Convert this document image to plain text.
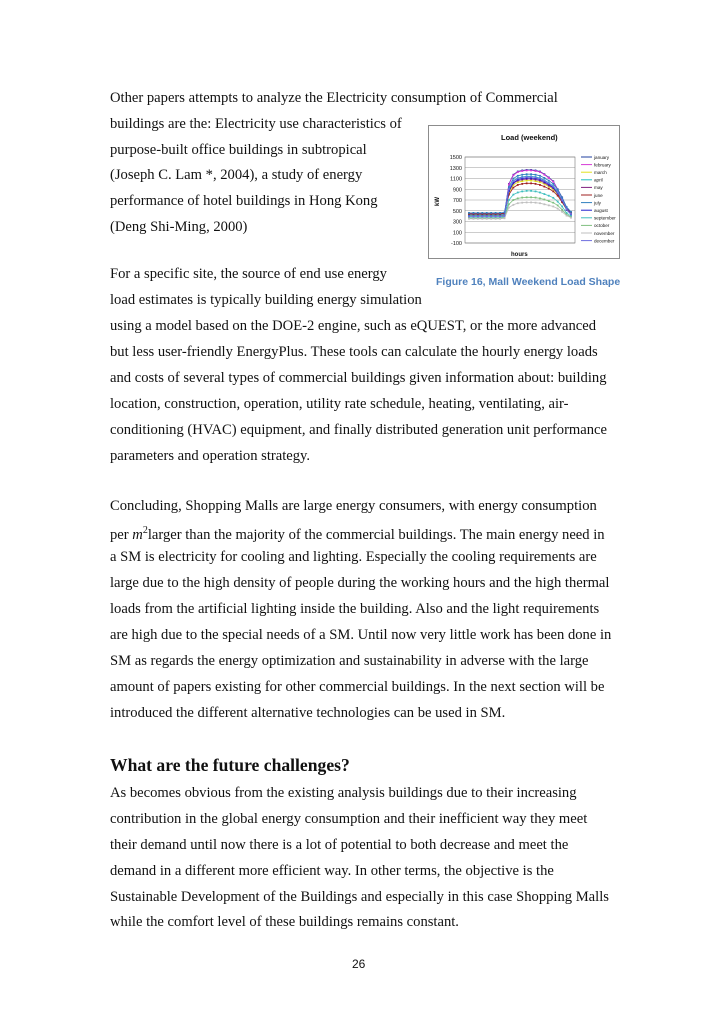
Other papers attempts to analyze the Electricity consumption of Commercial
buildings are the: Electricity use characteristics of
purpose-built office buildings in subtropical
(Joseph C. Lam *, 2004), a study of energy
performance of hotel buildings in Hong Kong
(Deng Shi-Ming, 2000)
Load (weekend)
hours
kW
1500
1300
1100
900
700
500
300
100
-100
january
february
march
april
may
june
july
august
september
october
november
december
Figure 16, Mall Weekend Load Shape
For a specific site, the source of end use energy
load estimates is typically building energy simulation
using a model based on the DOE-2 engine, such as eQUEST, or the more advanced
but less user-friendly EnergyPlus. These tools can calculate the hourly energy loads
and costs of several types of commercial buildings given information about: building
location, construction, operation, utility rate schedule, heating, ventilating, air-
conditioning (HVAC) equipment, and finally distributed generation unit performance
parameters and operation strategy.
Concluding, Shopping Malls are large energy consumers, with energy consumption
per $m^2larger$ than the majority of the commercial buildings. The main energy need in
a SM is electricity for cooling and lighting. Especially the cooling requirements are
large due to the high density of people during the working hours and the high thermal
loads from the artificial lighting inside the building. Also and the light requirements
are high due to the special needs of a SM. Until now very little work has been done in
SM as regards the energy optimization and sustainability in adverse with the large
amount of papers existing for other commercial buildings. In the next section will be
introduced the different alternative technologies can be used in SM.
What are the future challenges?
As becomes obvious from the existing analysis buildings due to their increasing
contribution in the global energy consumption and their inefficient way they meet
their demand until now there is a lot of potential to both decrease and meet the
demand in a different more efficient way. In other terms, the objective is the
Sustainable Development of the Buildings and especially in this case Shopping Malls
while the comfort level of these buildings remains constant.
26
